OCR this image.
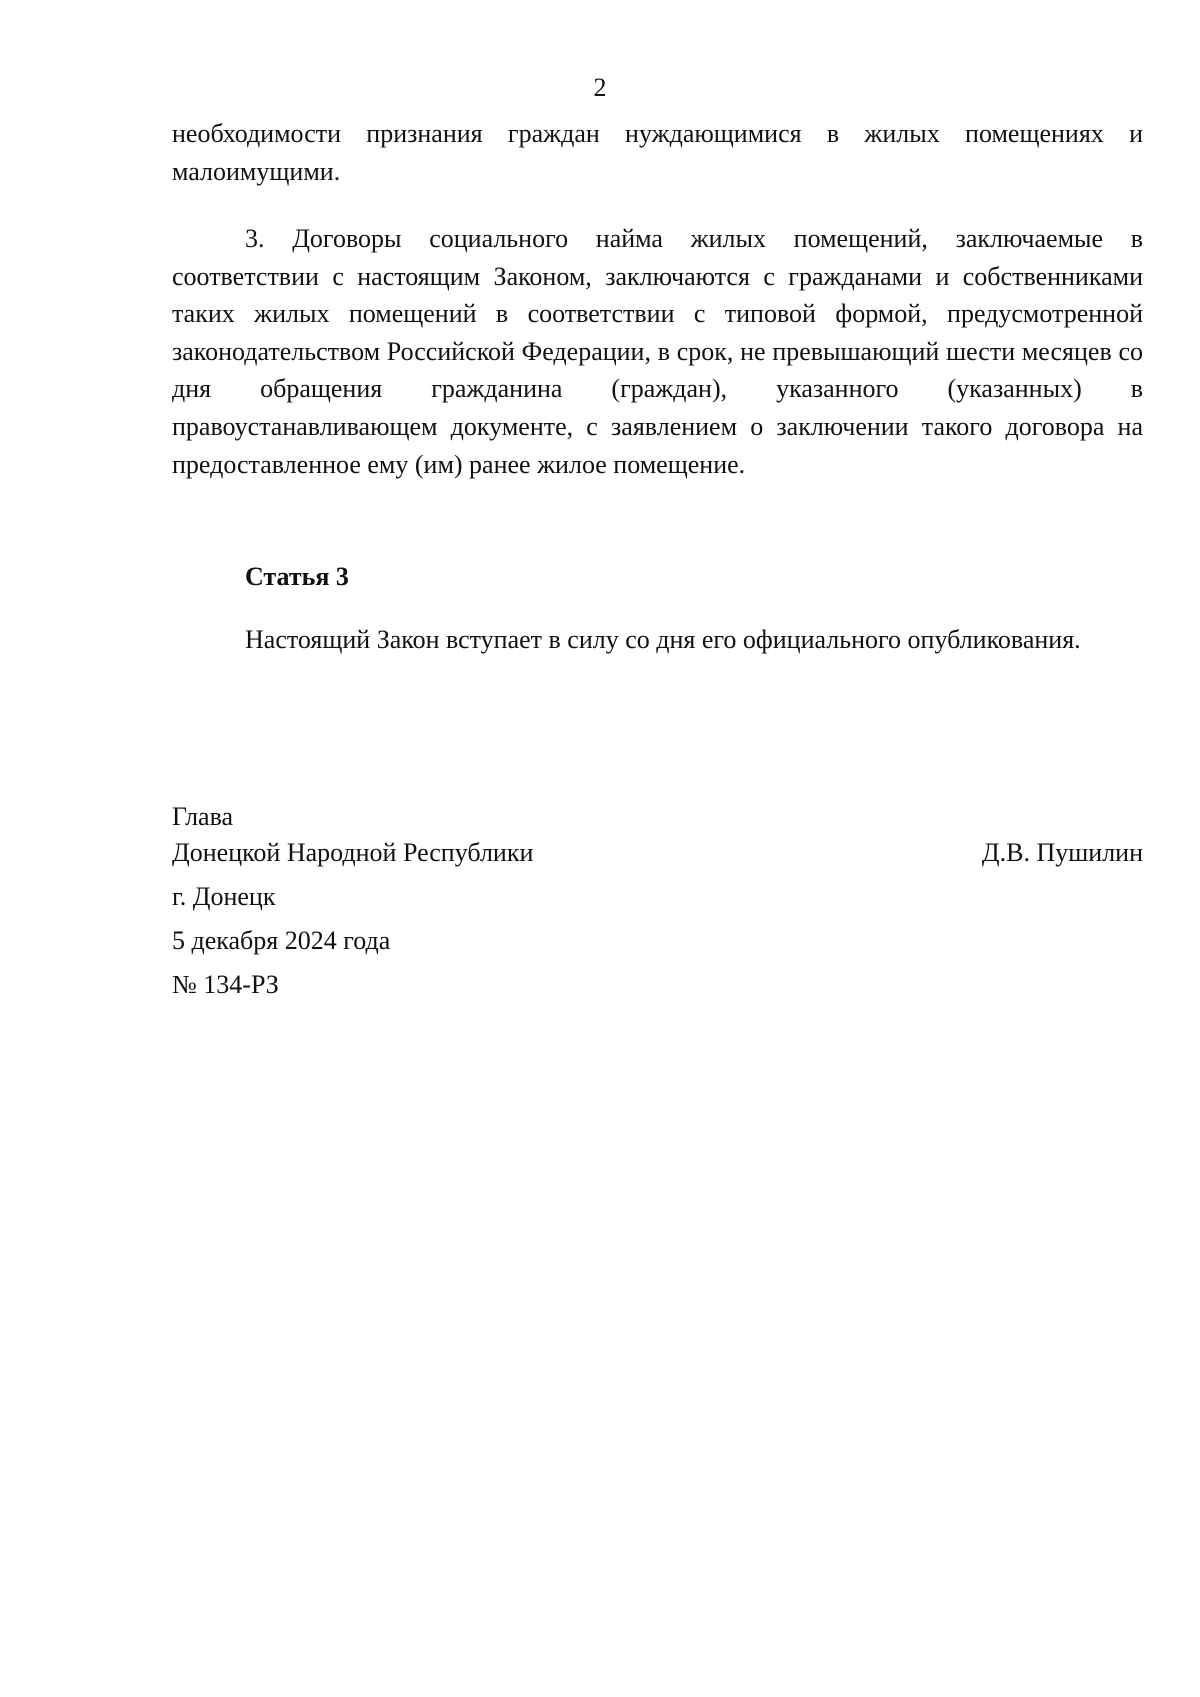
2

необходимости признания граждан нуждающимися в жилых помещениях и малоимущими.

3. Договоры социального найма жилых помещений, заключаемые в соответствии с настоящим Законом, заключаются с гражданами и собственниками таких жилых помещений в соответствии с типовой формой, предусмотренной законодательством Российской Федерации, в срок, не превышающий шести месяцев со дня обращения гражданина (граждан), указанного (указанных) в правоустанавливающем документе, с заявлением о заключении такого договора на предоставленное ему (им) ранее жилое помещение.

Статья 3

Настоящий Закон вступает в силу со дня его официального опубликования.

Глава

Донецкой Народной Республики	Д.В. Пушилин

г. Донецк

5 декабря 2024 года

№ 134-РЗ
